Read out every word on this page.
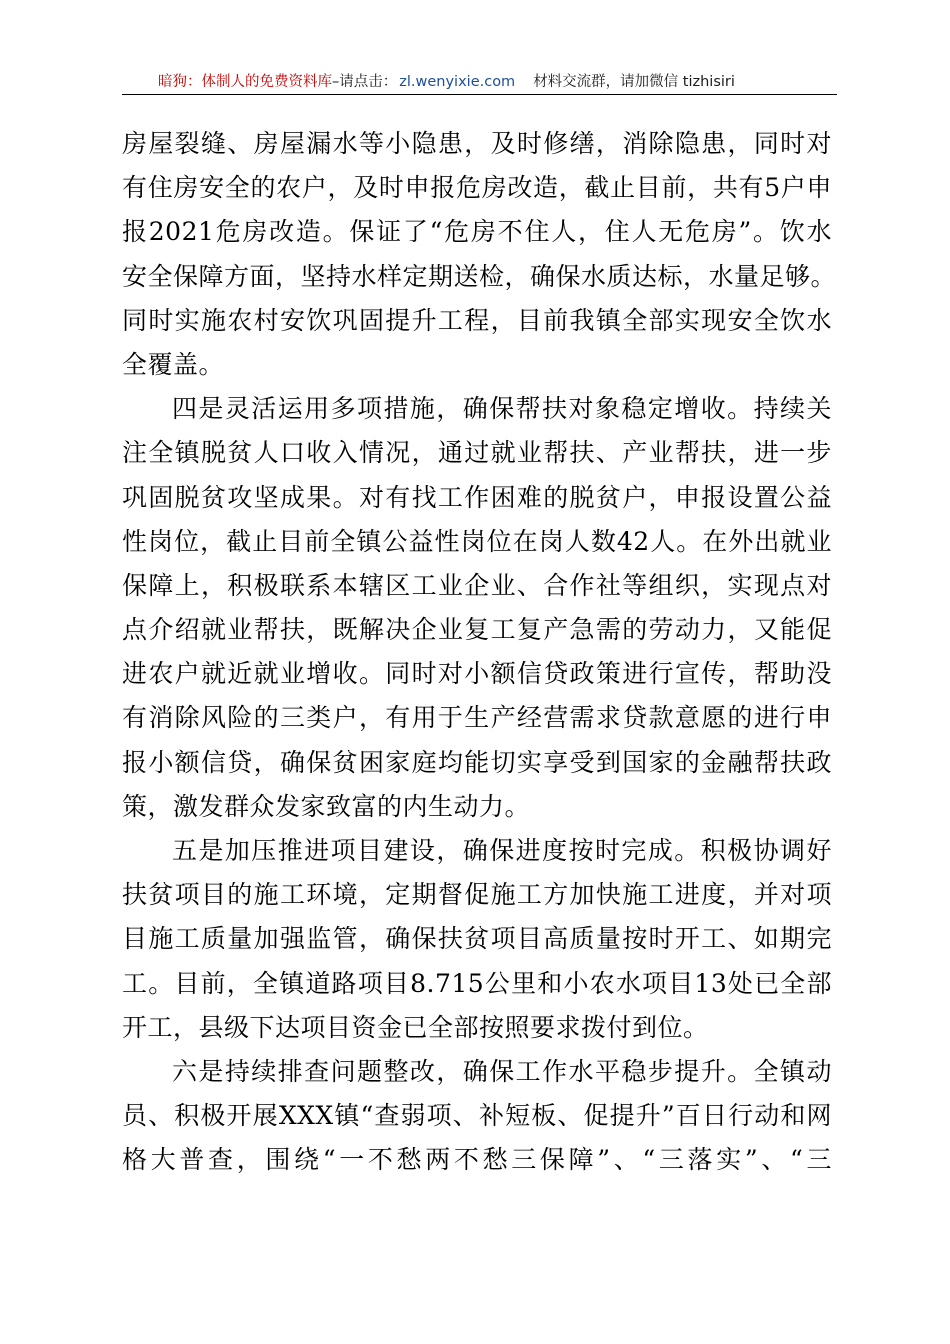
暗狗：体制人的免费资料库–请点击： zl.wenyixie.com 材料交流群，请加微信 tizhisiri
房屋裂缝、房屋漏水等小隐患，及时修缮，消除隐患，同时对
有住房安全的农户，及时申报危房改造，截止目前，共有5户申
报2021危房改造。保证了“危房不住人，住人无危房”。饮水
安全保障方面，坚持水样定期送检，确保水质达标，水量足够。
同时实施农村安饮巩固提升工程，目前我镇全部实现安全饮水
全覆盖。
四是灵活运用多项措施，确保帮扶对象稳定增收。持续关
注全镇脱贫人口收入情况，通过就业帮扶、产业帮扶，进一步
巩固脱贫攻坚成果。对有找工作困难的脱贫户，申报设置公益
性岗位，截止目前全镇公益性岗位在岗人数42人。在外出就业
保障上，积极联系本辖区工业企业、合作社等组织，实现点对
点介绍就业帮扶，既解决企业复工复产急需的劳动力，又能促
进农户就近就业增收。同时对小额信贷政策进行宣传，帮助没
有消除风险的三类户，有用于生产经营需求贷款意愿的进行申
报小额信贷，确保贫困家庭均能切实享受到国家的金融帮扶政
策，激发群众发家致富的内生动力。
五是加压推进项目建设，确保进度按时完成。积极协调好
扶贫项目的施工环境，定期督促施工方加快施工进度，并对项
目施工质量加强监管，确保扶贫项目高质量按时开工、如期完
工。目前，全镇道路项目8.715公里和小农水项目13处已全部
开工，县级下达项目资金已全部按照要求拨付到位。
六是持续排查问题整改，确保工作水平稳步提升。全镇动
员、积极开展XXX镇“查弱项、补短板、促提升”百日行动和网
格大普查，围绕“一不愁两不愁三保障”、“三落实”、“三
